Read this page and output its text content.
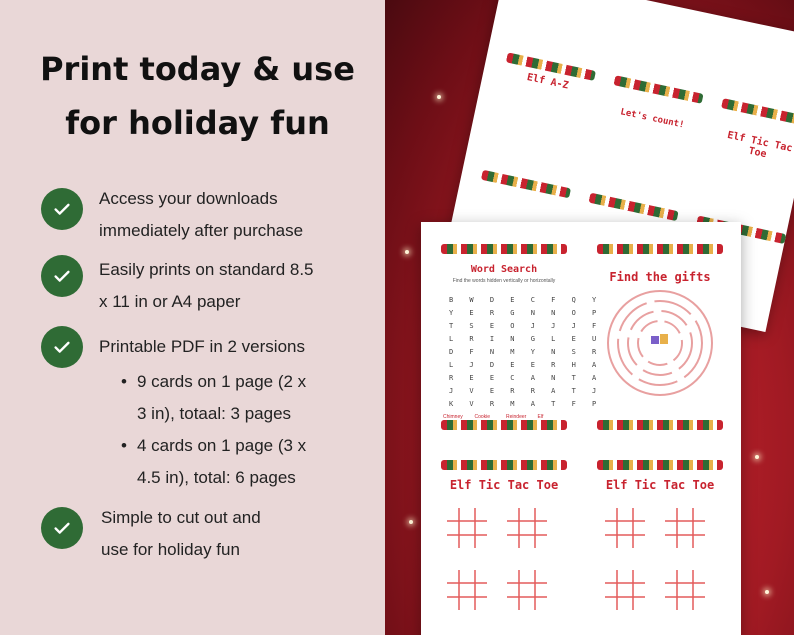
Print today & use
for holiday fun
Access your downloads
immediately after purchase
Easily prints on standard 8.5
x 11 in or A4 paper
Printable PDF in 2 versions
• 9 cards on 1 page (2 x
3 in), totaal: 3 pages
• 4 cards on 1 page (3 x
4.5 in), total: 6 pages
Simple to cut out and
use for holiday fun
Elf A-Z
Let's count!
Elf Tic Tac Toe
Word Search
Find the words hidden vertically or horizontally
B W D E C F Q Y
Y E R G N N O P
T S E O J J J F
L R I N G L E U
D F N M Y N S R
L J D E E R H A
R E E C A N T A
J V E R R A T J
K V R M A T F P
Chimney	Cookie	Reindeer	Elf
Find the gifts
Elf Tic Tac Toe	Elf Tic Tac Toe
